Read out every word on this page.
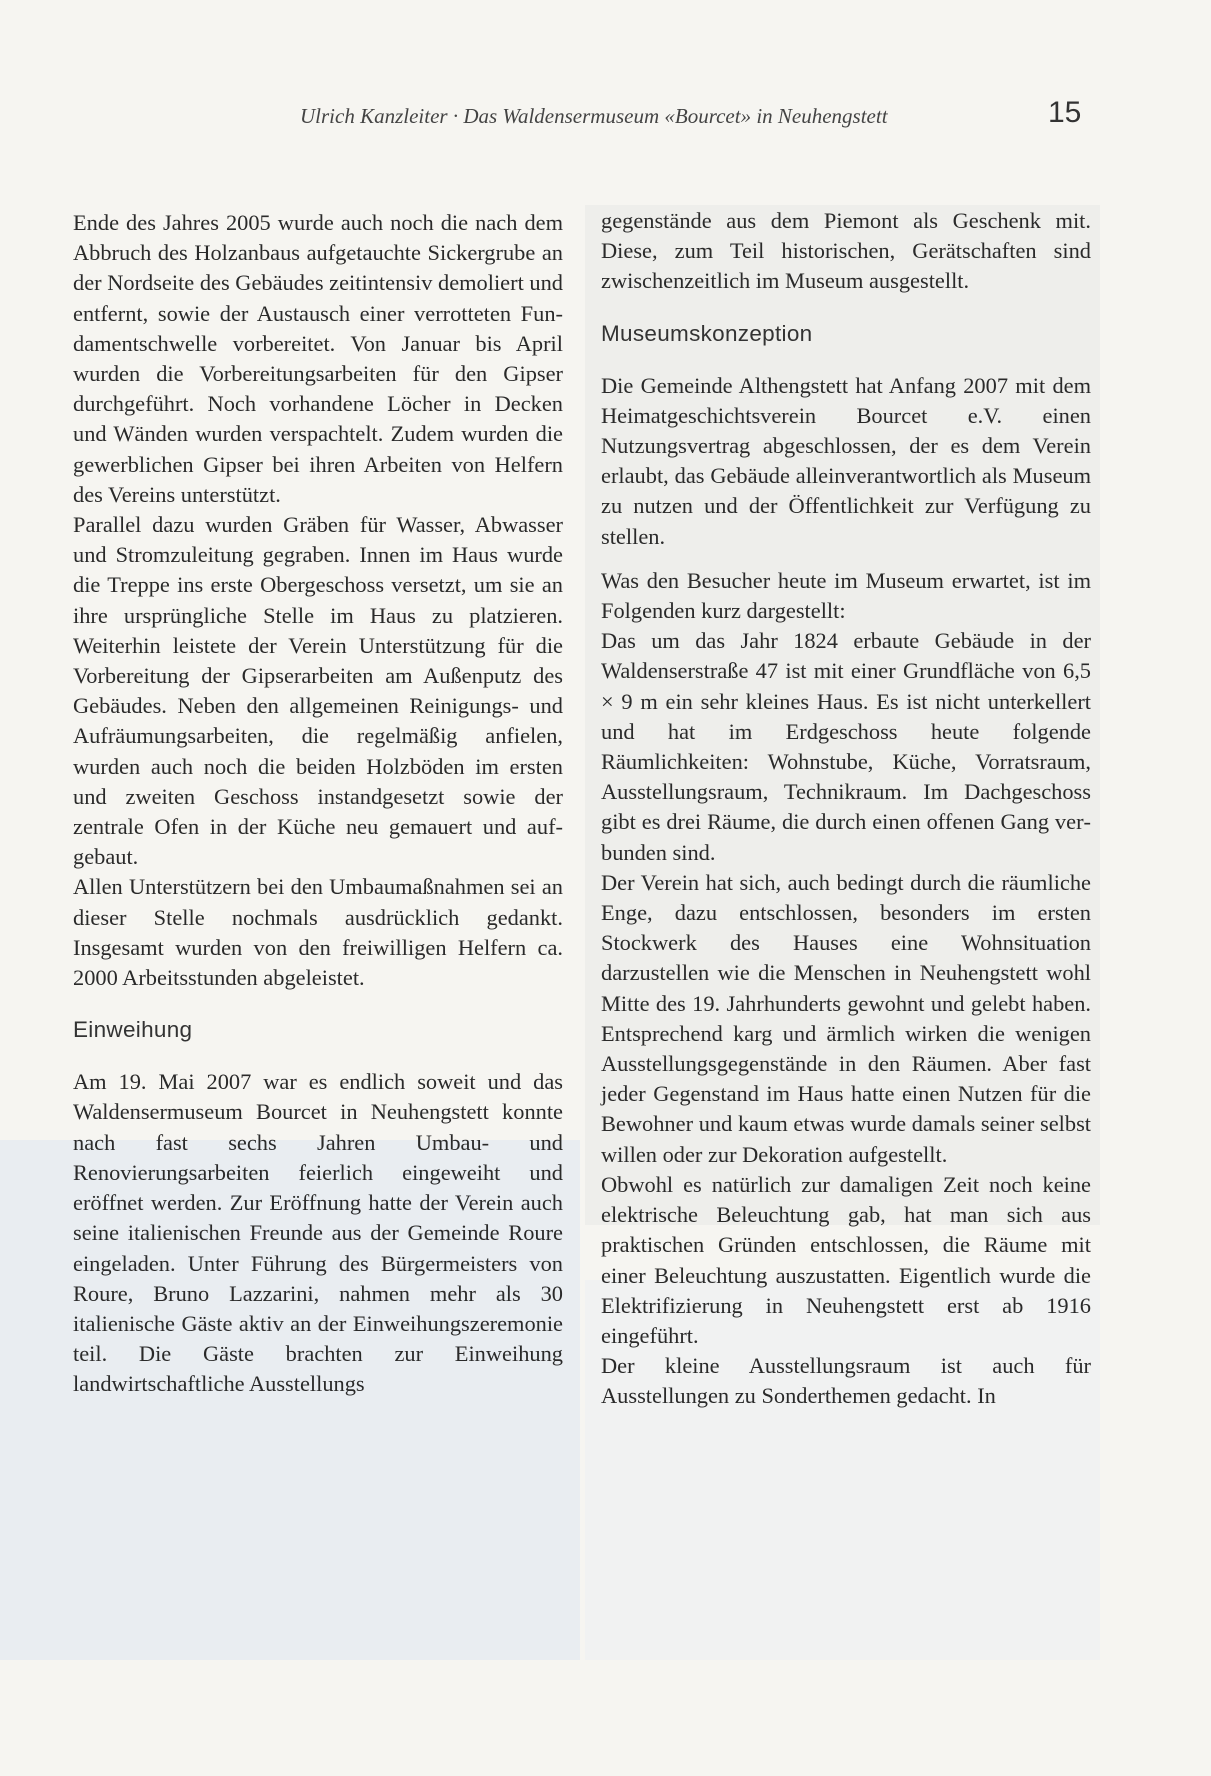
Ulrich Kanzleiter · Das Waldensermuseum «Bourcet» in Neuhengstett	15

Ende des Jahres 2005 wurde auch noch die nach dem Abbruch des Holzanbaus aufgetauchte Sickergrube an der Nordseite des Gebäudes zeitintensiv demoliert und entfernt, sowie der Austausch einer verrotteten Fundamentschwelle vorbereitet. Von Januar bis April wurden die Vorbereitungsarbeiten für den Gipser durchgeführt. Noch vorhandene Löcher in Decken und Wänden wurden verspachtelt. Zudem wurden die gewerblichen Gipser bei ihren Arbeiten von Helfern des Vereins unterstützt.

Parallel dazu wurden Gräben für Wasser, Abwasser und Stromzuleitung gegraben. Innen im Haus wurde die Treppe ins erste Obergeschoss versetzt, um sie an ihre ursprüngliche Stelle im Haus zu platzieren. Weiterhin leistete der Verein Unterstützung für die Vorbereitung der Gipserarbeiten am Außenputz des Gebäudes. Neben den allgemeinen Reinigungs- und Aufräumungsarbeiten, die regelmäßig anfielen, wurden auch noch die beiden Holzböden im ersten und zweiten Geschoss instandgesetzt sowie der zentrale Ofen in der Küche neu gemauert und aufgebaut.

Allen Unterstützern bei den Umbaumaßnahmen sei an dieser Stelle nochmals ausdrücklich gedankt. Insgesamt wurden von den freiwilligen Helfern ca. 2000 Arbeitsstunden abgeleistet.

Einweihung

Am 19. Mai 2007 war es endlich soweit und das Waldensermuseum Bourcet in Neuhengstett konnte nach fast sechs Jahren Umbau- und Renovierungsarbeiten feierlich eingeweiht und eröffnet werden. Zur Eröffnung hatte der Verein auch seine italienischen Freunde aus der Gemeinde Roure eingeladen. Unter Führung des Bürgermeisters von Roure, Bruno Lazzarini, nahmen mehr als 30 italienische Gäste aktiv an der Einweihungszeremonie teil. Die Gäste brachten zur Einweihung landwirtschaftliche Ausstellungs

gegenstände aus dem Piemont als Geschenk mit. Diese, zum Teil historischen, Gerätschaften sind zwischenzeitlich im Museum ausgestellt.

Museumskonzeption

Die Gemeinde Althengstett hat Anfang 2007 mit dem Heimatgeschichtsverein Bourcet e.V. einen Nutzungsvertrag abgeschlossen, der es dem Verein erlaubt, das Gebäude alleinverantwortlich als Museum zu nutzen und der Öffentlichkeit zur Verfügung zu stellen.

Was den Besucher heute im Museum erwartet, ist im Folgenden kurz dargestellt:

Das um das Jahr 1824 erbaute Gebäude in der Waldenserstraße 47 ist mit einer Grundfläche von 6,5 × 9 m ein sehr kleines Haus. Es ist nicht unterkellert und hat im Erdgeschoss heute folgende Räumlichkeiten: Wohnstube, Küche, Vorratsraum, Ausstellungsraum, Technikraum. Im Dachgeschoss gibt es drei Räume, die durch einen offenen Gang verbunden sind.

Der Verein hat sich, auch bedingt durch die räumliche Enge, dazu entschlossen, besonders im ersten Stockwerk des Hauses eine Wohnsituation darzustellen wie die Menschen in Neuhengstett wohl Mitte des 19. Jahrhunderts gewohnt und gelebt haben. Entsprechend karg und ärmlich wirken die wenigen Ausstellungsgegenstände in den Räumen. Aber fast jeder Gegenstand im Haus hatte einen Nutzen für die Bewohner und kaum etwas wurde damals seiner selbst willen oder zur Dekoration aufgestellt.

Obwohl es natürlich zur damaligen Zeit noch keine elektrische Beleuchtung gab, hat man sich aus praktischen Gründen entschlossen, die Räume mit einer Beleuchtung auszustatten. Eigentlich wurde die Elektrifizierung in Neuhengstett erst ab 1916 eingeführt.

Der kleine Ausstellungsraum ist auch für Ausstellungen zu Sonderthemen gedacht. In
